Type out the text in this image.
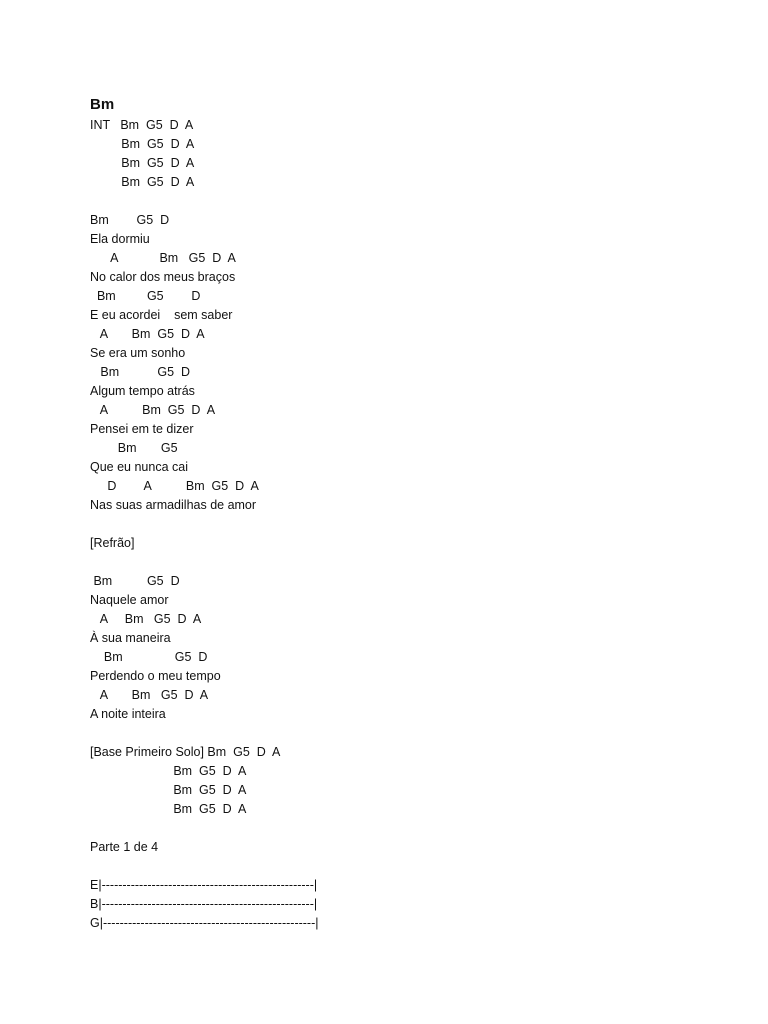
Bm
INT   Bm  G5  D  A
Bm  G5  D  A
Bm  G5  D  A
Bm  G5  D  A
Bm        G5  D
Ela dormiu
A            Bm   G5  D  A
No calor dos meus braços
Bm         G5        D
E eu acordei    sem saber
A       Bm  G5  D  A
Se era um sonho
Bm           G5  D
Algum tempo atrás
A          Bm  G5  D  A
Pensei em te dizer
Bm       G5
Que eu nunca cai
D        A          Bm  G5  D  A
Nas suas armadilhas de amor
[Refrão]
Bm          G5  D
Naquele amor
A     Bm   G5  D  A
À sua maneira
Bm               G5  D
Perdendo o meu tempo
A       Bm   G5  D  A
A noite inteira
[Base Primeiro Solo] Bm  G5  D  A
Bm  G5  D  A
Bm  G5  D  A
Bm  G5  D  A
Parte 1 de 4
E|---------------------------------------------------|
B|---------------------------------------------------|
G|---------------------------------------------------|
